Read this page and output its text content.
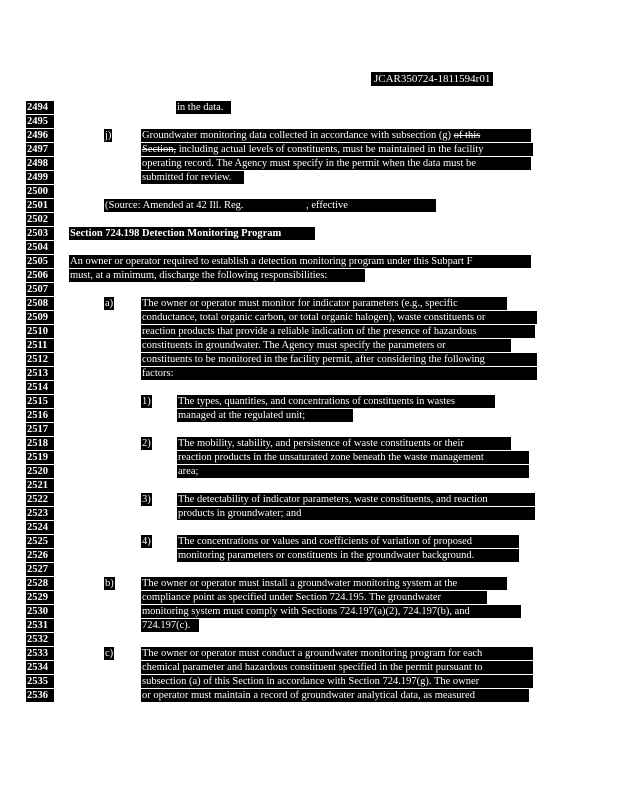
JCAR350724-1811594r01
2494	in the data.
2495
2496	j)	Groundwater monitoring data collected in accordance with subsection (g) of this
2497	Section, including actual levels of constituents, must be maintained in the facility
2498	operating record. The Agency must specify in the permit when the data must be
2499	submitted for review.
2500
2501	(Source: Amended at 42 Ill. Reg.	, effective	)
2502
2503	Section 724.198 Detection Monitoring Program
2504
2505	An owner or operator required to establish a detection monitoring program under this Subpart F
2506	must, at a minimum, discharge the following responsibilities:
2507
2508	a)	The owner or operator must monitor for indicator parameters (e.g., specific
2509	conductance, total organic carbon, or total organic halogen), waste constituents or
2510	reaction products that provide a reliable indication of the presence of hazardous
2511	constituents in groundwater. The Agency must specify the parameters or
2512	constituents to be monitored in the facility permit, after considering the following
2513	factors:
2514
2515	1)	The types, quantities, and concentrations of constituents in wastes
2516	managed at the regulated unit;
2517
2518	2)	The mobility, stability, and persistence of waste constituents or their
2519	reaction products in the unsaturated zone beneath the waste management
2520	area;
2521
2522	3)	The detectability of indicator parameters, waste constituents, and reaction
2523	products in groundwater; and
2524
2525	4)	The concentrations or values and coefficients of variation of proposed
2526	monitoring parameters or constituents in the groundwater background.
2527
2528	b)	The owner or operator must install a groundwater monitoring system at the
2529	compliance point as specified under Section 724.195. The groundwater
2530	monitoring system must comply with Sections 724.197(a)(2), 724.197(b), and
2531	724.197(c).
2532
2533	c)	The owner or operator must conduct a groundwater monitoring program for each
2534	chemical parameter and hazardous constituent specified in the permit pursuant to
2535	subsection (a) of this Section in accordance with Section 724.197(g). The owner
2536	or operator must maintain a record of groundwater analytical data, as measured
